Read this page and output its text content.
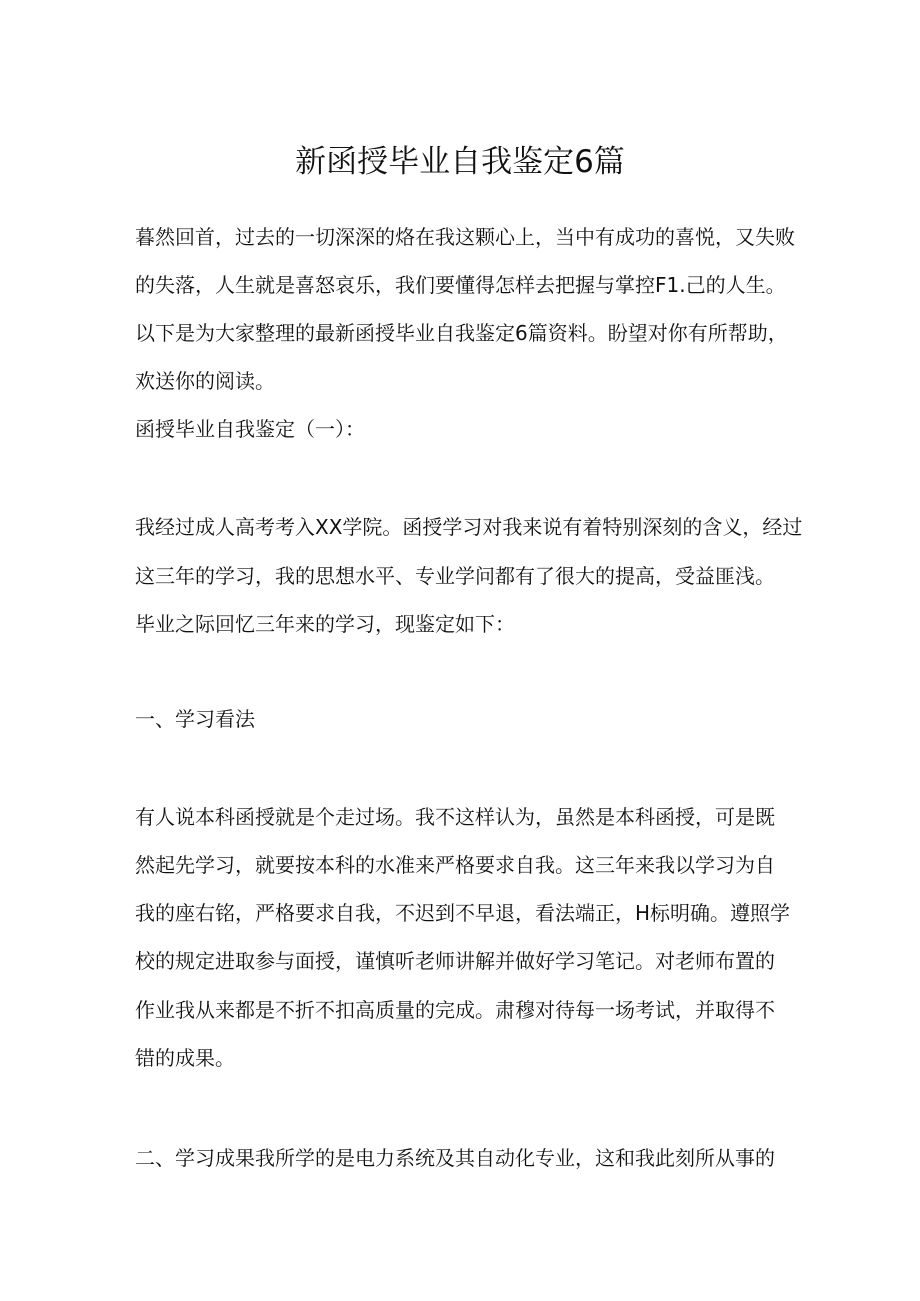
新函授毕业自我鉴定6篇

暮然回首，过去的一切深深的烙在我这颗心上，当中有成功的喜悦，又失败

的失落，人生就是喜怒哀乐，我们要懂得怎样去把握与掌控F1.己的人生。

以下是为大家整理的最新函授毕业自我鉴定6篇资料。盼望对你有所帮助，

欢送你的阅读。

函授毕业自我鉴定（一）：

我经过成人高考考入XX学院。函授学习对我来说有着特别深刻的含义，经过

这三年的学习，我的思想水平、专业学问都有了很大的提高，受益匪浅。

毕业之际回忆三年来的学习，现鉴定如下：

一、学习看法

有人说本科函授就是个走过场。我不这样认为，虽然是本科函授，可是既

然起先学习，就要按本科的水准来严格要求自我。这三年来我以学习为自

我的座右铭，严格要求自我，不迟到不早退，看法端正，H标明确。遵照学

校的规定进取参与面授，谨慎听老师讲解并做好学习笔记。对老师布置的

作业我从来都是不折不扣高质量的完成。肃穆对待每一场考试，并取得不

错的成果。

二、学习成果我所学的是电力系统及其自动化专业，这和我此刻所从事的
